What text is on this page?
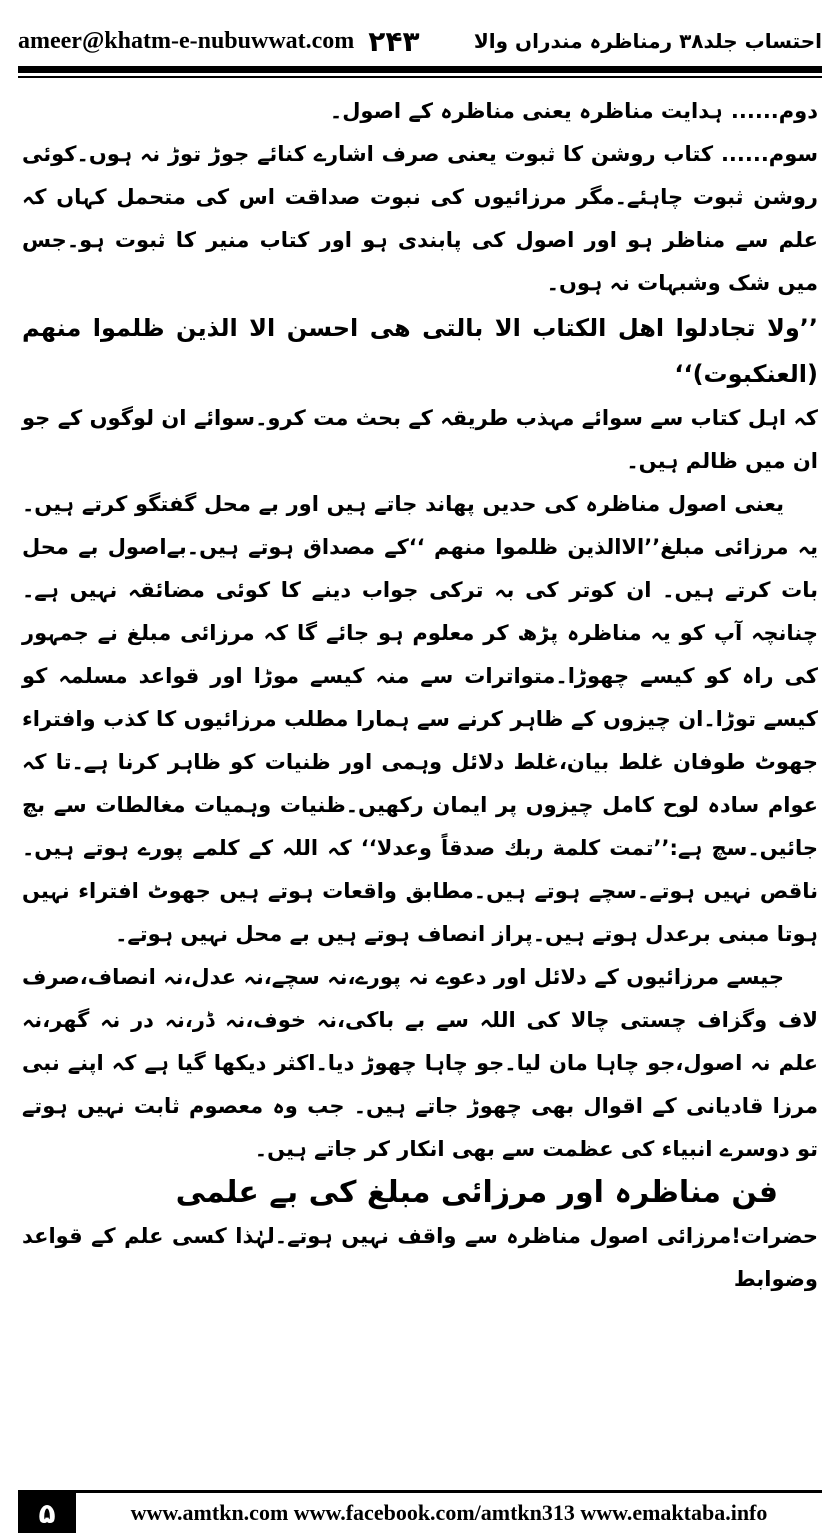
ameer@khatm-e-nubuwwat.com ۲۴۳	احتساب جلد۳۸ رمناظرہ مندراں والا

دوم...... ہدایت مناظرہ یعنی مناظرہ کے اصول۔

سوم...... کتاب روشن کا ثبوت یعنی صرف اشارے کنائے جوڑ توڑ نہ ہوں۔کوئی روشن ثبوت چاہئے۔مگر مرزائیوں کی نبوت صداقت اس کی متحمل کہاں کہ علم سے مناظر ہو اور اصول کی پابندی ہو اور کتاب منیر کا ثبوت ہو۔جس میں شک وشبہات نہ ہوں۔

’’ولا تجادلوا اهل الكتاب الا بالتى هى احسن الا الذين ظلموا منهم (العنكبوت)‘‘

کہ اہل کتاب سے سوائے مہذب طریقہ کے بحث مت کرو۔سوائے ان لوگوں کے جو ان میں ظالم ہیں۔

یعنی اصول مناظرہ کی حدیں پھاند جاتے ہیں اور بے محل گفتگو کرتے ہیں۔یہ مرزائی مبلغ’’الاالذین ظلموا منهم ‘‘کے مصداق ہوتے ہیں۔بےاصول بے محل بات کرتے ہیں۔ ان کوتر کی بہ ترکی جواب دینے کا کوئی مضائقہ نہیں ہے۔چنانچہ آپ کو یہ مناظرہ پڑھ کر معلوم ہو جائے گا کہ مرزائی مبلغ نے جمہور کی راہ کو کیسے چھوڑا۔متواترات سے منہ کیسے موڑا اور قواعد مسلمہ کو کیسے توڑا۔ان چیزوں کے ظاہر کرنے سے ہمارا مطلب مرزائیوں کا کذب وافتراء جھوٹ طوفان غلط بیان،غلط دلائل وہمی اور ظنیات کو ظاہر کرنا ہے۔تا کہ عوام سادہ لوح کامل چیزوں پر ایمان رکھیں۔ظنیات وہمیات مغالطات سے بچ جائیں۔سچ ہے:’’تمت كلمة ربك صدقاً وعدلا‘‘ کہ اللہ کے کلمے پورے ہوتے ہیں۔ناقص نہیں ہوتے۔سچے ہوتے ہیں۔مطابق واقعات ہوتے ہیں جھوٹ افتراء نہیں ہوتا مبنی برعدل ہوتے ہیں۔پراز انصاف ہوتے ہیں بے محل نہیں ہوتے۔

جیسے مرزائیوں کے دلائل اور دعوے نہ پورے،نہ سچے،نہ عدل،نہ انصاف،صرف لاف وگزاف چستی چالا کی اللہ سے بے باکی،نہ خوف،نہ ڈر،نہ در نہ گھر،نہ علم نہ اصول،جو چاہا مان لیا۔جو چاہا چھوڑ دیا۔اکثر دیکھا گیا ہے کہ اپنے نبی مرزا قادیانی کے اقوال بھی چھوڑ جاتے ہیں۔ جب وہ معصوم ثابت نہیں ہوتے تو دوسرے انبیاء کی عظمت سے بھی انکار کر جاتے ہیں۔

فن مناظرہ اور مرزائی مبلغ کی بے علمی

حضرات!مرزائی اصول مناظرہ سے واقف نہیں ہوتے۔لہٰذا کسی علم کے قواعد وضوابط

۵	www.amtkn.com www.facebook.com/amtkn313 www.emaktaba.info
